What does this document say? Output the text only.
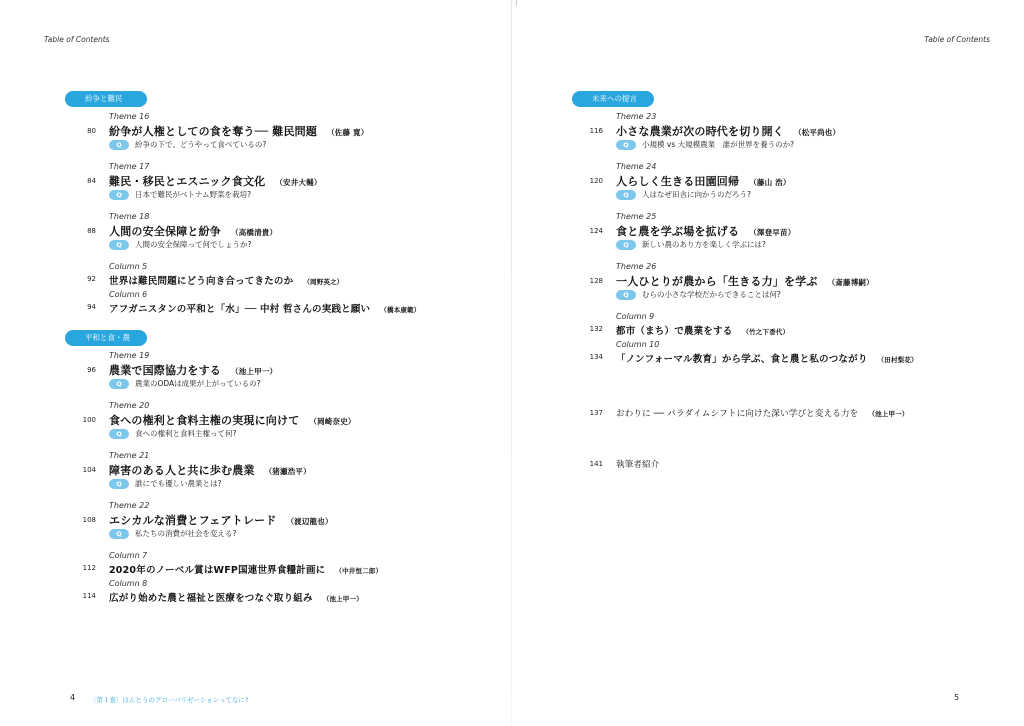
Table of Contents
紛争と難民
Theme 16
80 紛争が人権としての食を奪う── 難民問題 （佐藤 寛）
Q 紛争の下で、どうやって食べているの?
Theme 17
84 難民・移民とエスニック食文化 （安井大輔）
Q 日本で難民がベトナム野菜を栽培?
Theme 18
88 人間の安全保障と紛争 （高橋清貴）
Q 人間の安全保障って何でしょうか?
Column 5
92 世界は難民問題にどう向き合ってきたのか （岡野英之）
Column 6
94 アフガニスタンの平和と「水」── 中村 哲さんの実践と願い （橋本康範）
平和と食・農
Theme 19
96 農業で国際協力をする （池上甲一）
Q 農業のODAは成果が上がっているの?
Theme 20
100 食への権利と食料主権の実現に向けて （岡崎奈史）
Q 食への権利と食料主権って何?
Theme 21
104 障害のある人と共に歩む農業 （猪瀬浩平）
Q 誰にでも優しい農業とは?
Theme 22
108 エシカルな消費とフェアトレード （渡辺龍也）
Q 私たちの消費が社会を変える?
Column 7
112 2020年のノーベル賞はWFP国連世界食糧計画に （中井恒二郎）
Column 8
114 広がり始めた農と福祉と医療をつなぐ取り組み （池上甲一）
4 〔第１巻〕ほんとうのグローバリゼーションってなに?
Table of Contents
未来への提言
Theme 23
116 小さな農業が次の時代を切り開く （松平尚也）
Q 小規模 vs 大規模農業　誰が世界を養うのか?
Theme 24
120 人らしく生きる田園回帰 （藤山 浩）
Q 人はなぜ田舎に向かうのだろう?
Theme 25
124 食と農を学ぶ場を拡げる （澤登早苗）
Q 新しい農のあり方を楽しく学ぶには?
Theme 26
128 一人ひとりが農から「生きる力」を学ぶ （斎藤博嗣）
Q むらの小さな学校だからできることは何?
Column 9
132 都市（まち）で農業をする （竹之下香代）
Column 10
134 「ノンフォーマル教育」から学ぶ、食と農と私のつながり （田村梨花）
137 おわりに ── パラダイムシフトに向けた深い学びと変える力を （池上甲一）
141 執筆者紹介
5
